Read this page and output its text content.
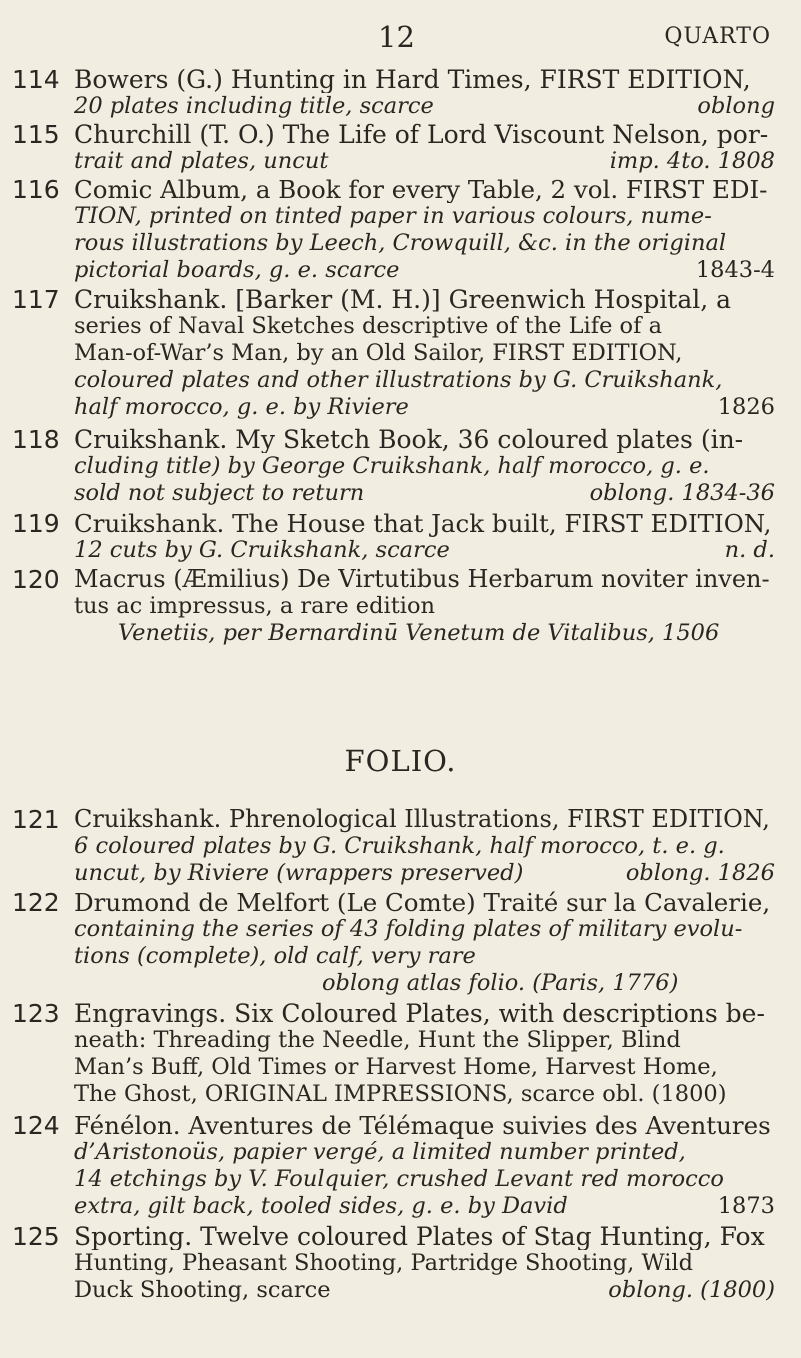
12	QUARTO
114 Bowers (G.) Hunting in Hard Times, FIRST EDITION,
20 plates including title, scarce	oblong
115 Churchill (T. O.) The Life of Lord Viscount Nelson, por-
trait and plates, uncut	imp. 4to. 1808
116 Comic Album, a Book for every Table, 2 vol. FIRST EDI-
TION, printed on tinted paper in various colours, nume-
rous illustrations by Leech, Crowquill, &c. in the original
pictorial boards, g. e. scarce	1843-4
117 Cruikshank. [Barker (M. H.)] Greenwich Hospital, a
series of Naval Sketches descriptive of the Life of a
Man-of-War’s Man, by an Old Sailor, FIRST EDITION,
coloured plates and other illustrations by G. Cruikshank,
half morocco, g. e. by Riviere	1826
118 Cruikshank. My Sketch Book, 36 coloured plates (in-
cluding title) by George Cruikshank, half morocco, g. e.
sold not subject to return	oblong. 1834-36
119 Cruikshank. The House that Jack built, FIRST EDITION,
12 cuts by G. Cruikshank, scarce	n. d.
120 Macrus (Æmilius) De Virtutibus Herbarum noviter inven-
tus ac impressus, a rare edition
Venetiis, per Bernardinū Venetum de Vitalibus, 1506
FOLIO.
121 Cruikshank. Phrenological Illustrations, FIRST EDITION,
6 coloured plates by G. Cruikshank, half morocco, t. e. g.
uncut, by Riviere (wrappers preserved)	oblong. 1826
122 Drumond de Melfort (Le Comte) Traité sur la Cavalerie,
containing the series of 43 folding plates of military evolu-
tions (complete), old calf, very rare
oblong atlas folio. (Paris, 1776)
123 Engravings. Six Coloured Plates, with descriptions be-
neath: Threading the Needle, Hunt the Slipper, Blind
Man’s Buff, Old Times or Harvest Home, Harvest Home,
The Ghost, ORIGINAL IMPRESSIONS, scarce obl. (1800)
124 Fénélon. Aventures de Télémaque suivies des Aventures
d’Aristonoüs, papier vergé, a limited number printed,
14 etchings by V. Foulquier, crushed Levant red morocco
extra, gilt back, tooled sides, g. e. by David	1873
125 Sporting. Twelve coloured Plates of Stag Hunting, Fox
Hunting, Pheasant Shooting, Partridge Shooting, Wild
Duck Shooting, scarce	oblong. (1800)
